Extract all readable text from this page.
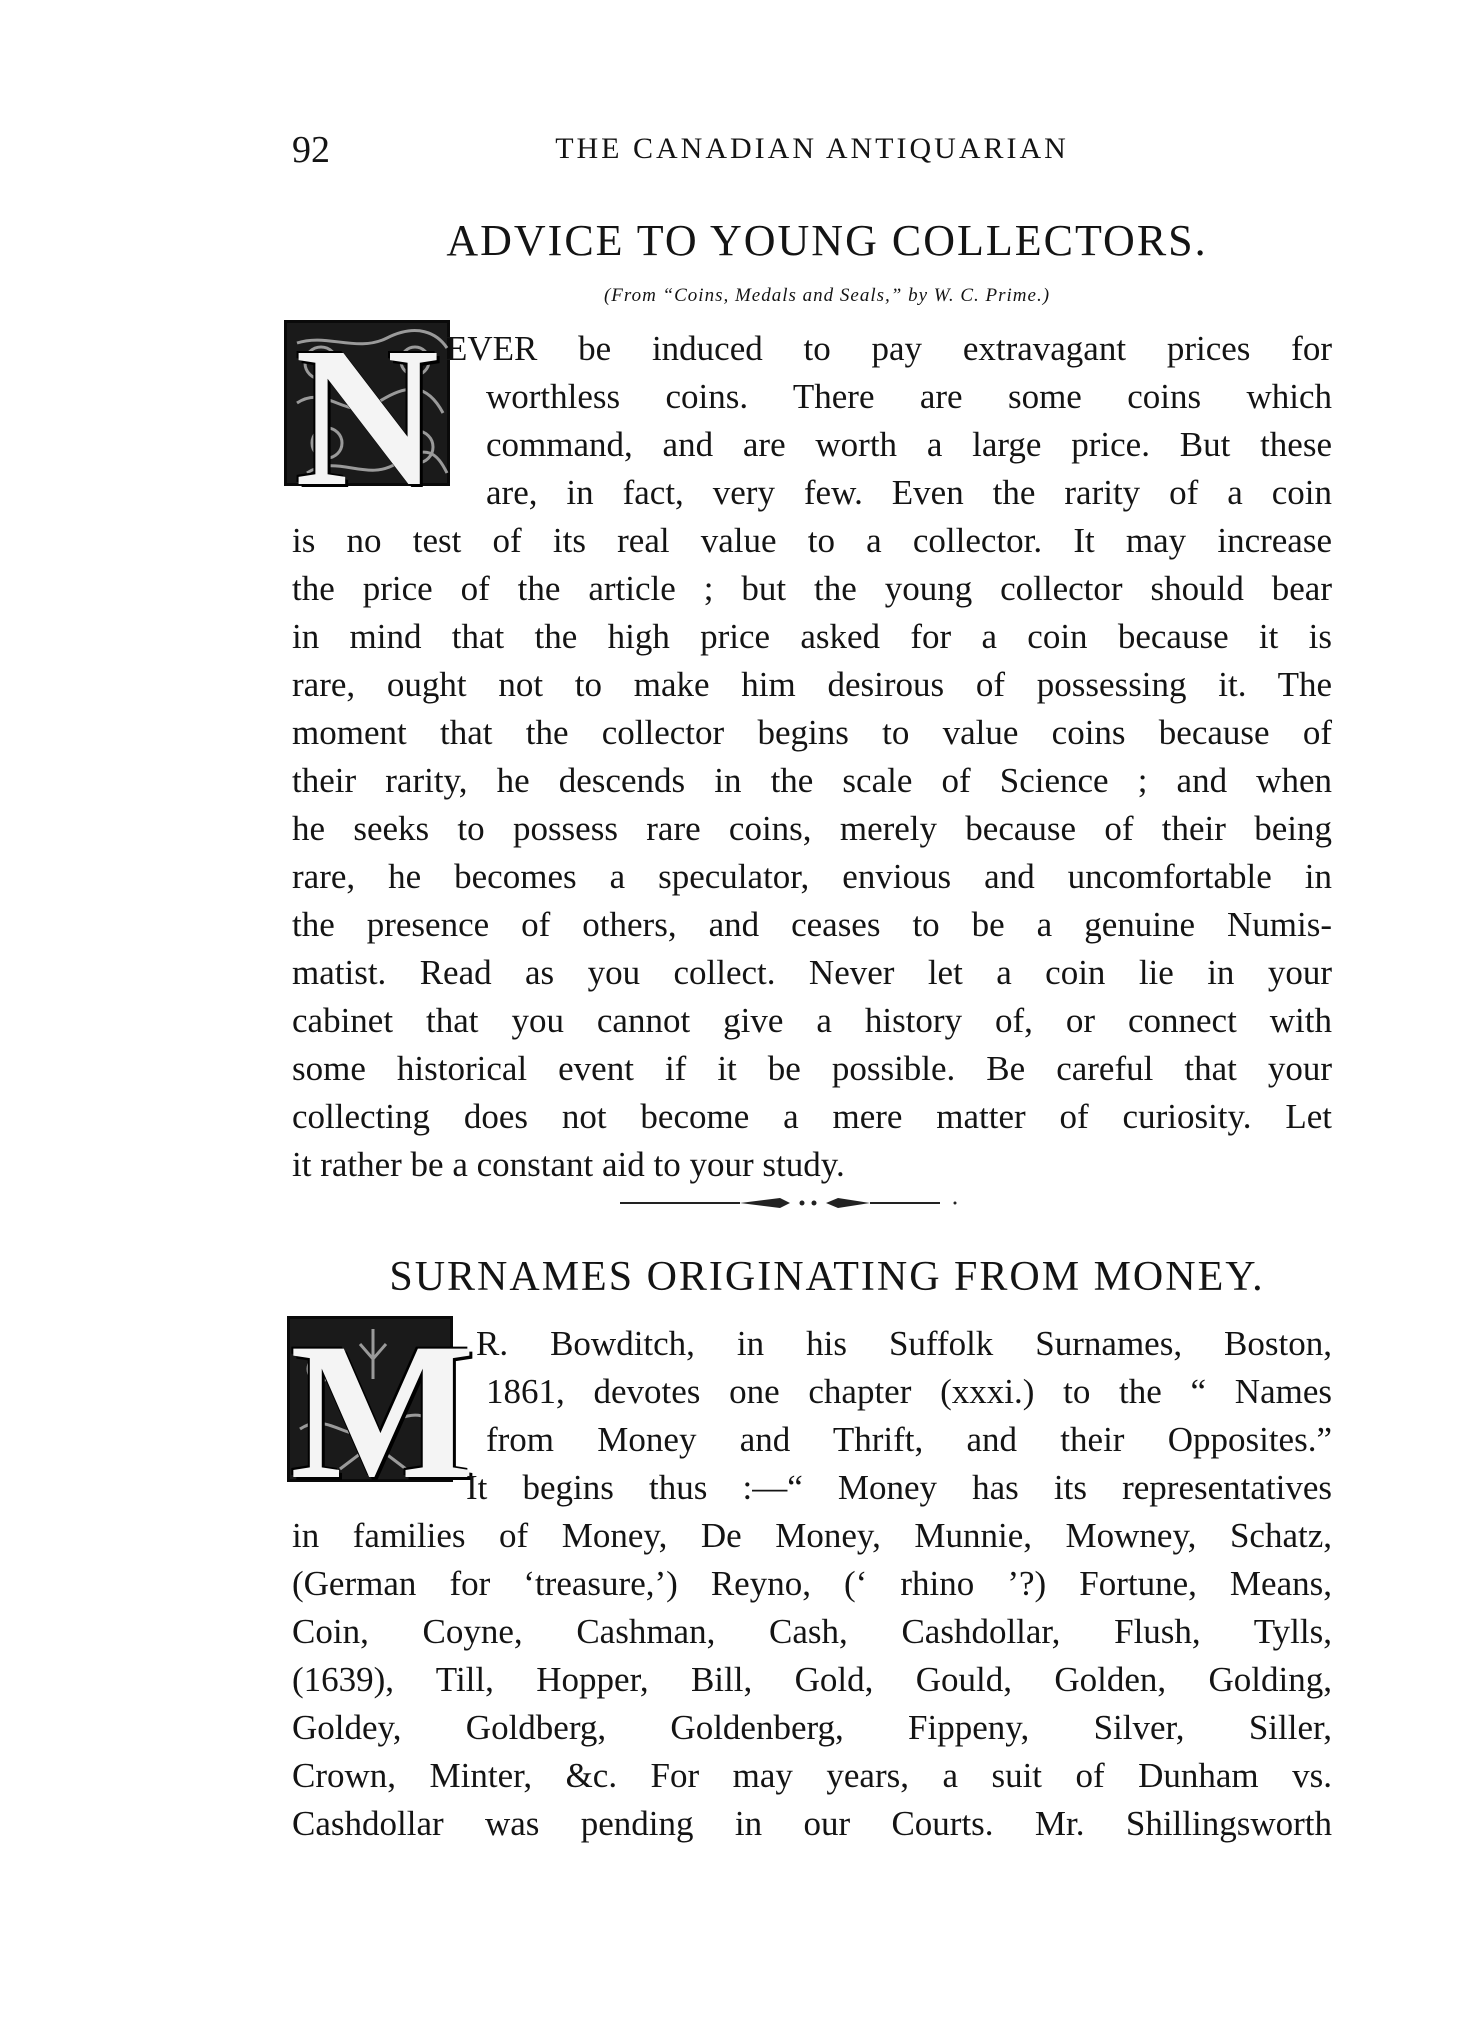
92	THE CANADIAN ANTIQUARIAN
ADVICE TO YOUNG COLLECTORS.
(From “Coins, Medals and Seals,” by W. C. Prime.)
N EVER be induced to pay extravagant prices for
worthless coins. There are some coins which
command, and are worth a large price. But these
are, in fact, very few. Even the rarity of a coin
is no test of its real value to a collector. It may increase
the price of the article ; but the young collector should bear
in mind that the high price asked for a coin because it is
rare, ought not to make him desirous of possessing it. The
moment that the collector begins to value coins because of
their rarity, he descends in the scale of Science ; and when
he seeks to possess rare coins, merely because of their being
rare, he becomes a speculator, envious and uncomfortable in
the presence of others, and ceases to be a genuine Numis-
matist. Read as you collect. Never let a coin lie in your
cabinet that you cannot give a history of, or connect with
some historical event if it be possible. Be careful that your
collecting does not become a mere matter of curiosity. Let
it rather be a constant aid to your study.
SURNAMES ORIGINATING FROM MONEY.
M R. Bowditch, in his Suffolk Surnames, Boston,
1861, devotes one chapter (xxxi.) to the “ Names
from Money and Thrift, and their Opposites.”
It begins thus :—“ Money has its representatives
in families of Money, De Money, Munnie, Mowney, Schatz,
(German for ‘treasure,’) Reyno, (‘ rhino ’?) Fortune, Means,
Coin, Coyne, Cashman, Cash, Cashdollar, Flush, Tylls,
(1639), Till, Hopper, Bill, Gold, Gould, Golden, Golding,
Goldey, Goldberg, Goldenberg, Fippeny, Silver, Siller,
Crown, Minter, &c. For may years, a suit of Dunham vs.
Cashdollar was pending in our Courts. Mr. Shillingsworth
